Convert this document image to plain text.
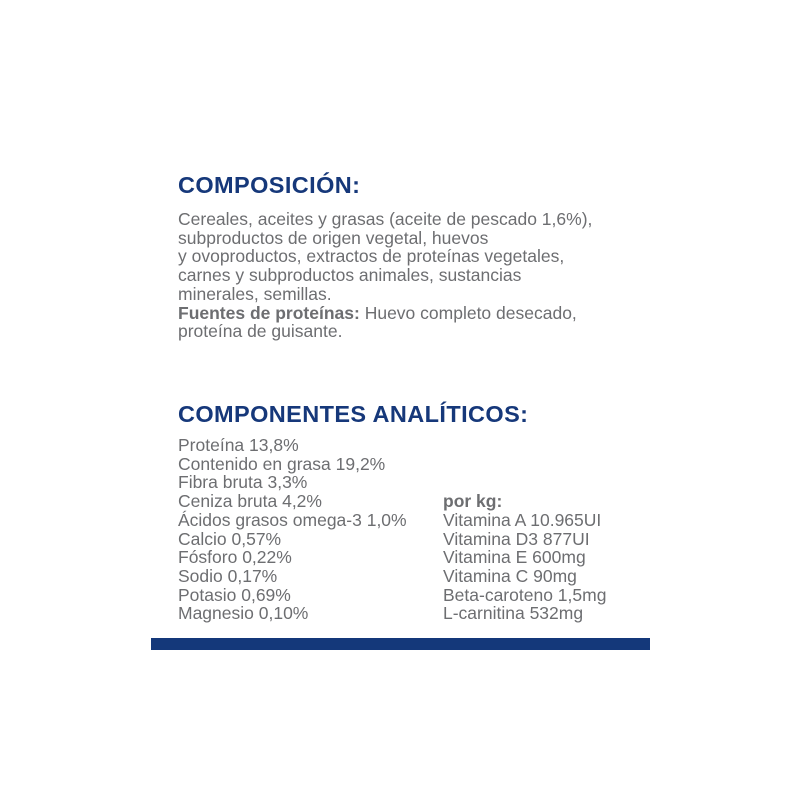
COMPOSICIÓN:
Cereales, aceites y grasas (aceite de pescado 1,6%),
subproductos de origen vegetal, huevos
y ovoproductos, extractos de proteínas vegetales,
carnes y subproductos animales, sustancias
minerales, semillas.
Fuentes de proteínas: Huevo completo desecado,
proteína de guisante.
COMPONENTES ANALÍTICOS:
Proteína 13,8%
Contenido en grasa 19,2%
Fibra bruta 3,3%
Ceniza bruta 4,2%
Ácidos grasos omega-3 1,0%
Calcio 0,57%
Fósforo 0,22%
Sodio 0,17%
Potasio 0,69%
Magnesio 0,10%
por kg:
Vitamina A 10.965UI
Vitamina D3 877UI
Vitamina E 600mg
Vitamina C 90mg
Beta-caroteno 1,5mg
L-carnitina 532mg
